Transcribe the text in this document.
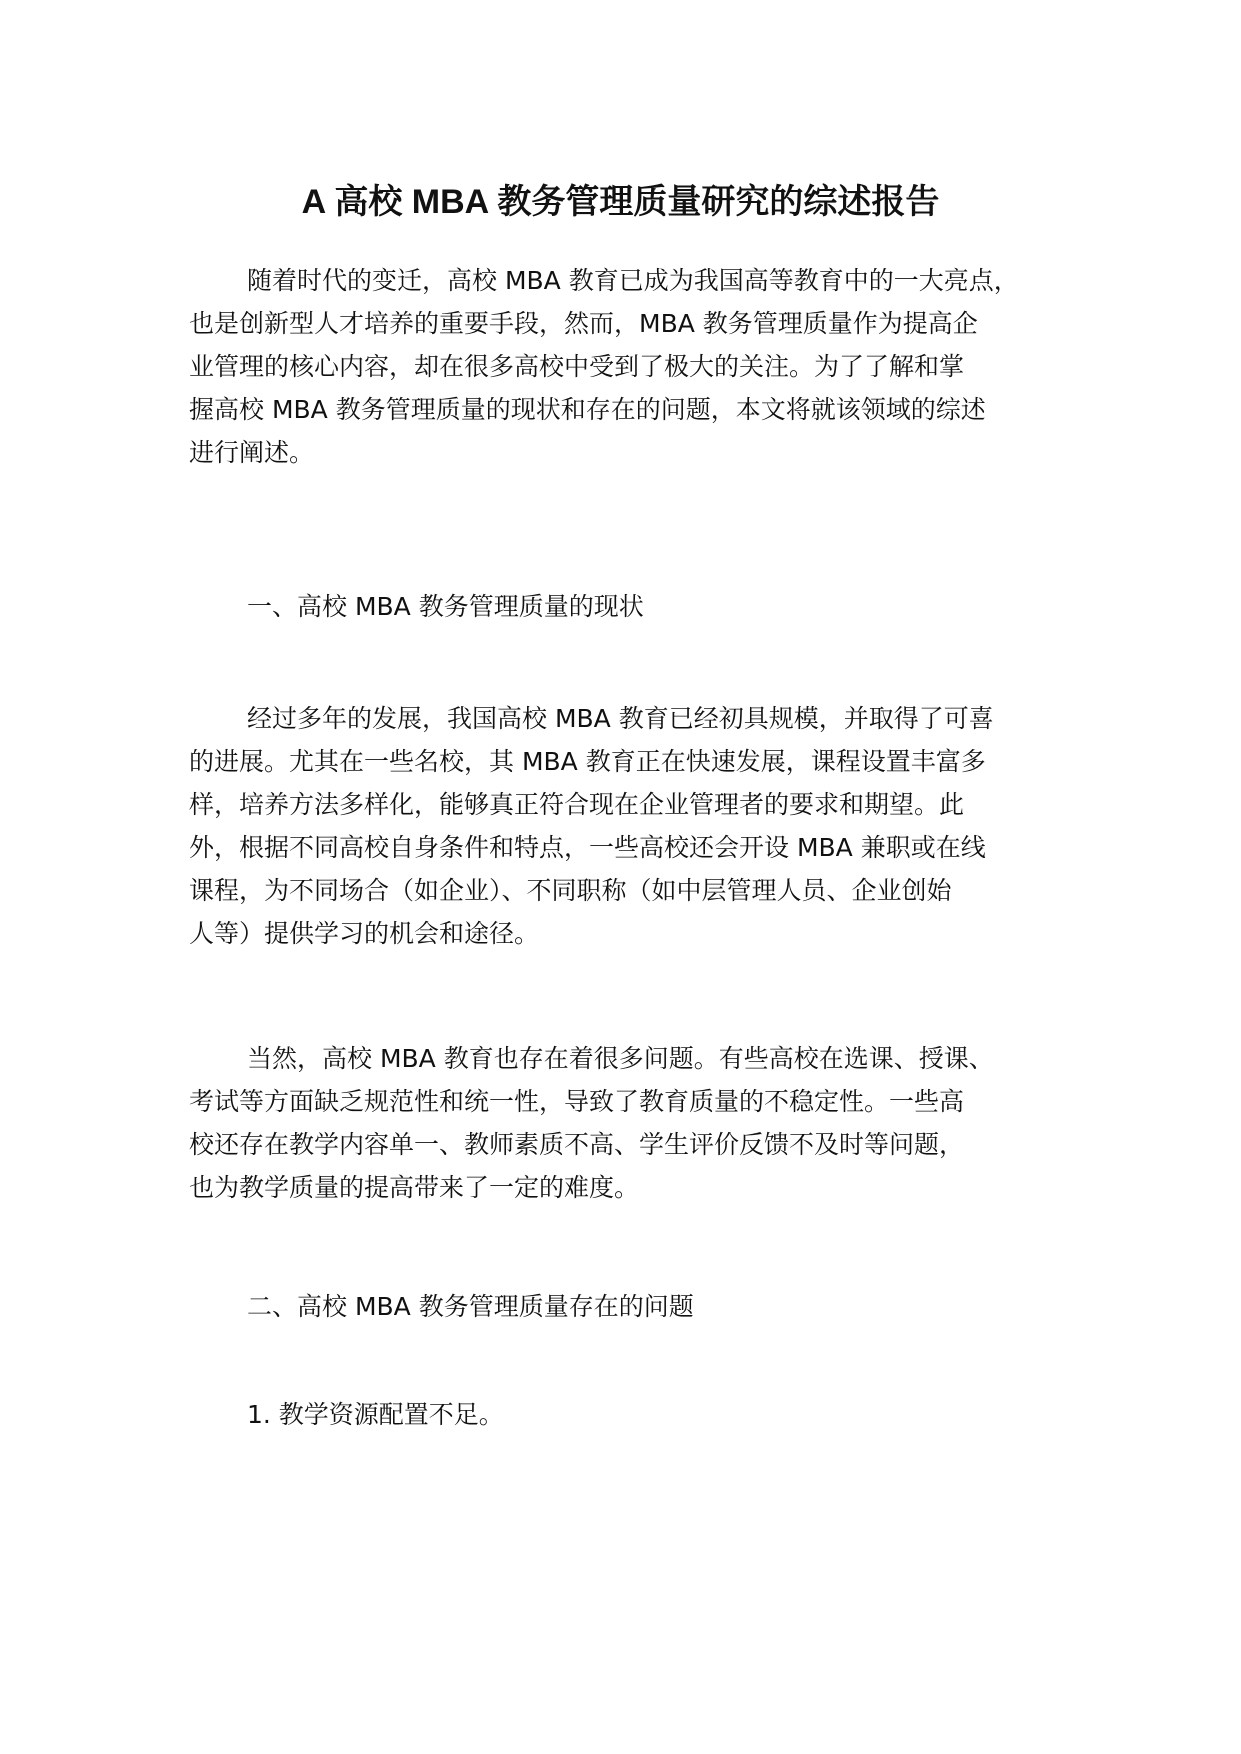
A 高校 MBA 教务管理质量研究的综述报告

随着时代的变迁，高校 MBA 教育已成为我国高等教育中的一大亮点，

也是创新型人才培养的重要手段，然而，MBA 教务管理质量作为提高企

业管理的核心内容，却在很多高校中受到了极大的关注。为了了解和掌

握高校 MBA 教务管理质量的现状和存在的问题，本文将就该领域的综述

进行阐述。

一、高校 MBA 教务管理质量的现状

经过多年的发展，我国高校 MBA 教育已经初具规模，并取得了可喜

的进展。尤其在一些名校，其 MBA 教育正在快速发展，课程设置丰富多

样，培养方法多样化，能够真正符合现在企业管理者的要求和期望。此

外，根据不同高校自身条件和特点，一些高校还会开设 MBA 兼职或在线

课程，为不同场合（如企业）、不同职称（如中层管理人员、企业创始

人等）提供学习的机会和途径。

当然，高校 MBA 教育也存在着很多问题。有些高校在选课、授课、

考试等方面缺乏规范性和统一性，导致了教育质量的不稳定性。一些高

校还存在教学内容单一、教师素质不高、学生评价反馈不及时等问题，

也为教学质量的提高带来了一定的难度。

二、高校 MBA 教务管理质量存在的问题

1. 教学资源配置不足。
